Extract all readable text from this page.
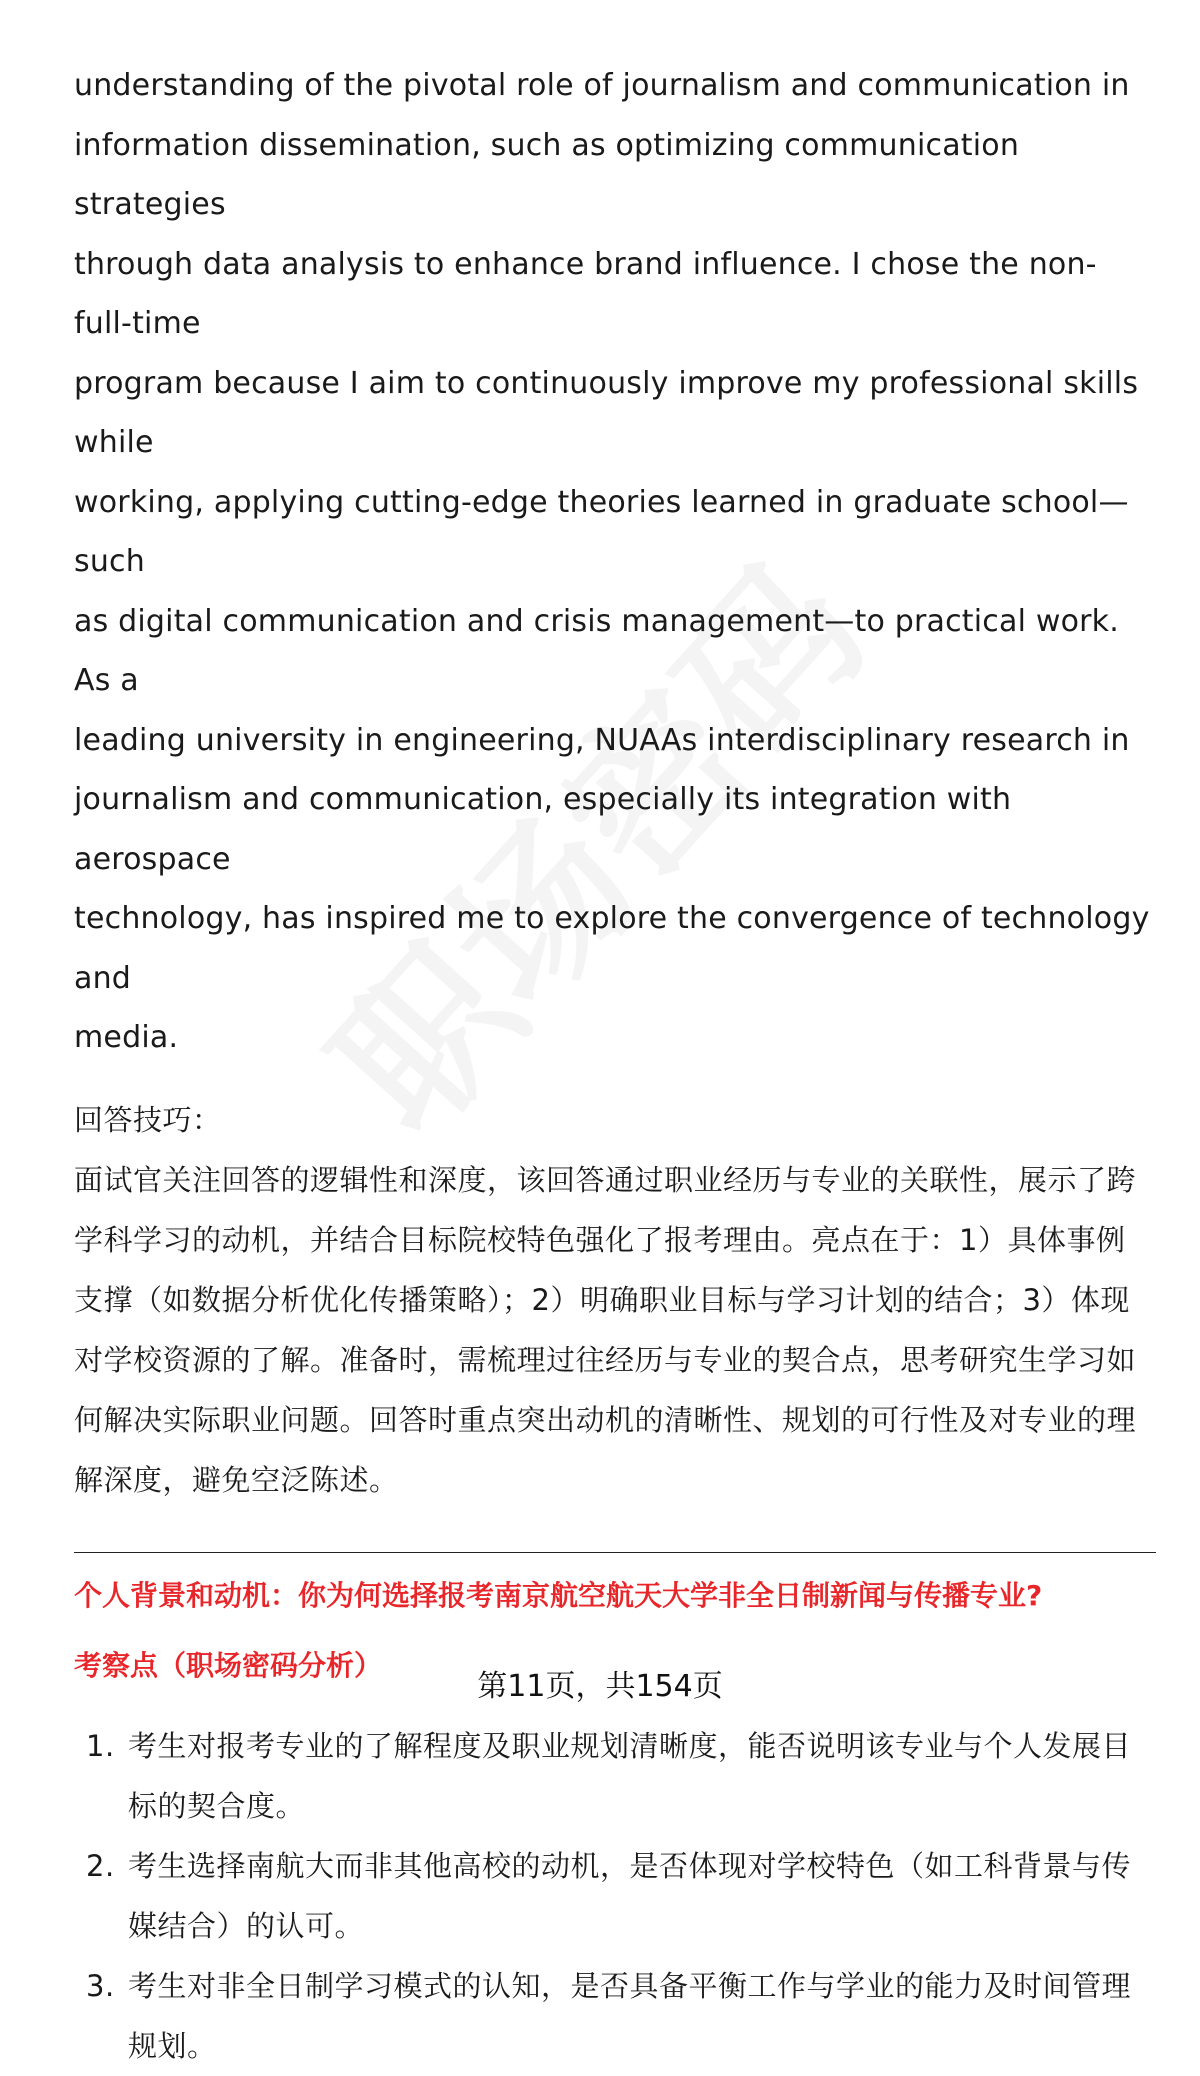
understanding of the pivotal role of journalism and communication in

information dissemination, such as optimizing communication strategies

through data analysis to enhance brand influence. I chose the non-full-time

program because I aim to continuously improve my professional skills while

working, applying cutting-edge theories learned in graduate school—such

as digital communication and crisis management—to practical work. As a

leading university in engineering, NUAAs interdisciplinary research in

journalism and communication, especially its integration with aerospace

technology, has inspired me to explore the convergence of technology and

media.

回答技巧：

面试官关注回答的逻辑性和深度，该回答通过职业经历与专业的关联性，展示了跨

学科学习的动机，并结合目标院校特色强化了报考理由。亮点在于：1）具体事例

支撑（如数据分析优化传播策略）；2）明确职业目标与学习计划的结合；3）体现

对学校资源的了解。准备时，需梳理过往经历与专业的契合点，思考研究生学习如

何解决实际职业问题。回答时重点突出动机的清晰性、规划的可行性及对专业的理

解深度，避免空泛陈述。

个人背景和动机：你为何选择报考南京航空航天大学非全日制新闻与传播专业?

考察点（职场密码分析）

1. 考生对报考专业的了解程度及职业规划清晰度，能否说明该专业与个人发展目
标的契合度。
2. 考生选择南航大而非其他高校的动机，是否体现对学校特色（如工科背景与传
媒结合）的认可。
3. 考生对非全日制学习模式的认知，是否具备平衡工作与学业的能力及时间管理
规划。
第11页，共154页
